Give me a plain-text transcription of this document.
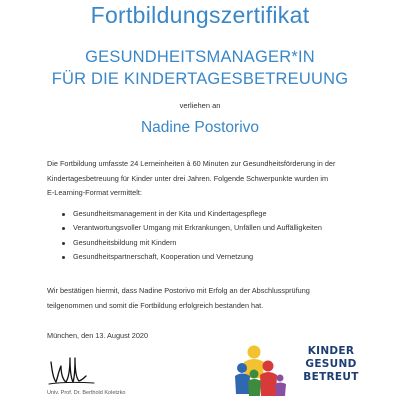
Fortbildungszertifikat
GESUNDHEITSMANAGER*IN
FÜR DIE KINDERTAGESBETREUUNG
verliehen an
Nadine Postorivo
Die Fortbildung umfasste 24 Lerneinheiten à 60 Minuten zur Gesundheitsförderung in der
Kindertagesbetreuung für Kinder unter drei Jahren. Folgende Schwerpunkte wurden im
E-Learning-Format vermittelt:
Gesundheitsmanagement in der Kita und Kindertagespflege
Verantwortungsvoller Umgang mit Erkrankungen, Unfällen und Auffälligkeiten
Gesundheitsbildung mit Kindern
Gesundheitspartnerschaft, Kooperation und Vernetzung
Wir bestätigen hiermit, dass Nadine Postorivo mit Erfolg an der Abschlussprüfung
teilgenommen und somit die Fortbildung erfolgreich bestanden hat.
München, den 13. August 2020
Univ. Prof. Dr. Berthold Koletzko
KINDER
GESUND
BETREUT
